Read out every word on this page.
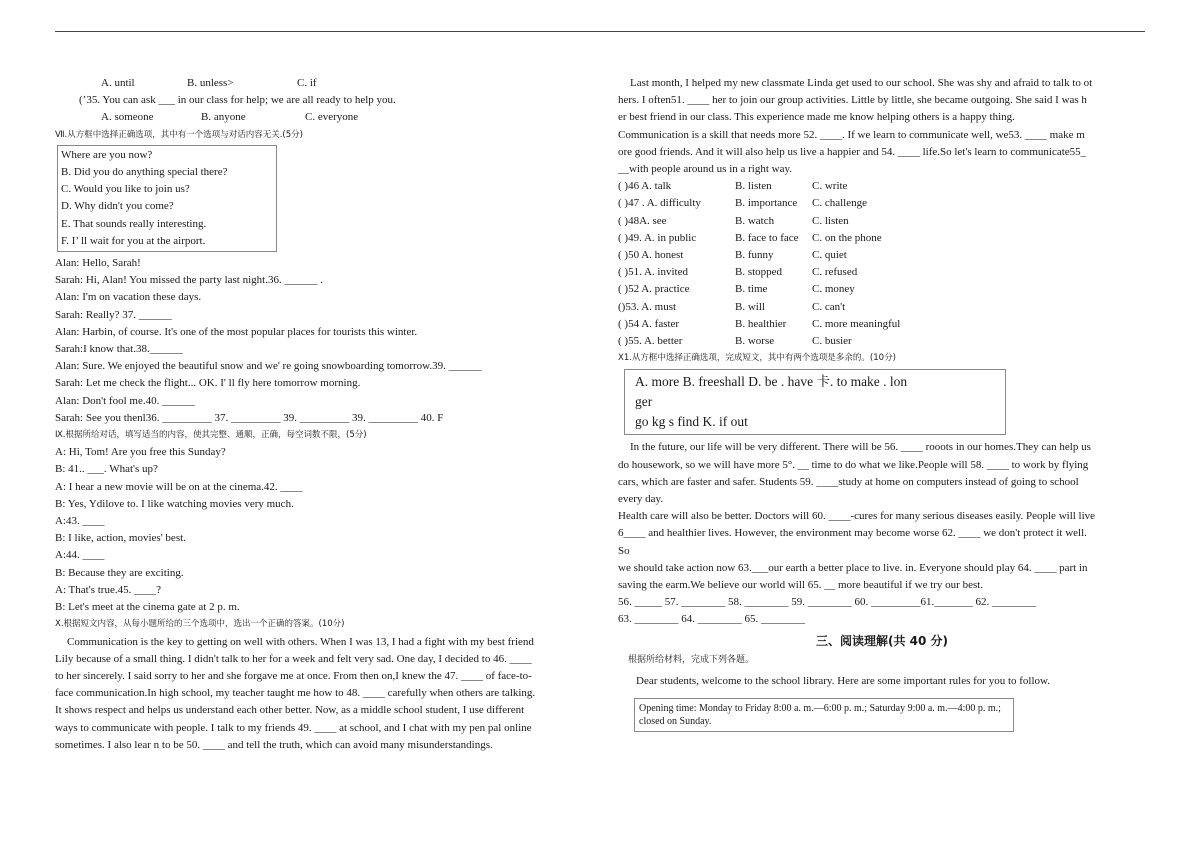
A. until	B. unless>	C. if
(’35. You can ask ___ in our class for help; we are all ready to help you.
A. someone	B. anyone	C. everyone
Ⅶ.从方框中选择正确选项，其中有一个选项与对话内容无关.(5分)
Where are you now?
B. Did you do anything special there?
C. Would you like to join us?
D. Why didn't you come?
E. That sounds really interesting.
F. I’ ll wait for you at the airport.
Alan: Hello, Sarah!
Sarah: Hi, Alan! You missed the party last night.36. ______ .
Alan: I'm on vacation these days.
Sarah: Really? 37. ______
Alan: Harbin, of course. It's one of the most popular places for tourists this winter.
Sarah:I know that.38.______
Alan: Sure. We enjoyed the beautiful snow and we' re going snowboarding tomorrow.39. ______
Sarah: Let me check the flight... OK. I' ll fly here tomorrow morning.
Alan: Don't fool me.40. ______
Sarah: See you thenl36. _________ 37. _________ 39. _________ 39. _________ 40. F
Ⅸ.根据所给对话，填写适当的内容，使其完整、通顺，正确，每空词数不限，(5分)
A: Hi, Tom! Are you free this Sunday?
B: 41.. ___. What's up?
A: I hear a new movie will be on at the cinema.42. ____
B: Yes, Ydilove to. I like watching movies very much.
A:43. ____
B: I like, action, movies' best.
A:44. ____
B: Because they are exciting.
A: That's true.45. ____?
B: Let's meet at the cinema gate at 2 p. m.
Ⅹ.根据短文内容，从每小题所给的三个选项中，选出一个正确的答案。(10分)
Communication is the key to getting on well with others. When I was 13, I had a fight with my best friend
Lily because of a small thing. I didn't talk to her for a week and felt very sad. One day, I decided to 46. ____
to her sincerely. I said sorry to her and she forgave me at once. From then on,I knew the 47. ____ of face-to-
face communication.In high school, my teacher taught me how to 48. ____ carefully when others are talking.
It shows respect and helps us understand each other better. Now, as a middle school student, I use different
ways to communicate with people. I talk to my friends 49. ____ at school, and I chat with my pen pal online
sometimes. I also lear n to be 50. ____ and tell the truth, which can avoid many misunderstandings.
Last month, I helped my new classmate Linda get used to our school. She was shy and afraid to talk to ot
hers. I often51. ____ her to join our group activities. Little by little, she became outgoing. She said I was h
er best friend in our class. This experience made me know helping others is a happy thing.
Communication is a skill that needs more 52. ____. If we learn to communicate well, we53. ____ make m
ore good friends. And it will also help us live a happier and 54. ____ life.So let's learn to communicate55_
__with people around us in a right way.
( )46 A. talk	B. listen	C. write
( )47 . A. difficulty	B. importance C. challenge
( )48A. see	B. watch	C. listen
( )49. A. in public	B. face to face C. on the phone
( )50 A. honest	B. funny	C. quiet
( )51. A. invited	B. stopped	C. refused
( )52 A. practice	B. time	C. money
()53. A. must	B. will	C. can't
( )54 A. faster	B. healthier C. more meaningful
( )55. A. better	B. worse	C. busier
Ⅹ1.从方框中选择正确选项，完成短文，其中有两个选项是多余的。(10分)
A. more B. freeshall D. be . have 卡. to make . lon
ger
go kg s find K. if out
In the future, our life will be very different. There will be 56. ____ rooots in our homes.They can help us
do housework, so we will have more 5°. __ time to do what we like.People will 58. ____ to work by flying
cars, which are faster and safer. Students 59. ____study at home on computers instead of going to school
every day.
Health care will also be better. Doctors will 60. ____-cures for many serious diseases easily. People will live
6____ and healthier lives. However, the environment may become worse 62. ____ we don't protect it well.
So
we should take action now 63.___our earth a better place to live. in. Everyone should play 64. ____ part in
saving the earm.We believe our world will 65. __ more beautiful if we try our best.
56. _____ 57. ________ 58. ________ 59. ________ 60. _________61._______ 62. ________
63. ________ 64. ________ 65. ________
三、阅读理解(共 40 分)
根据所给材料，完成下列各题。
Dear students, welcome to the school library. Here are some important rules for you to follow.
Opening time: Monday to Friday 8:00 a. m.—6:00 p. m.; Saturday 9:00 a. m.—4:00 p. m.; closed on Sunday.
